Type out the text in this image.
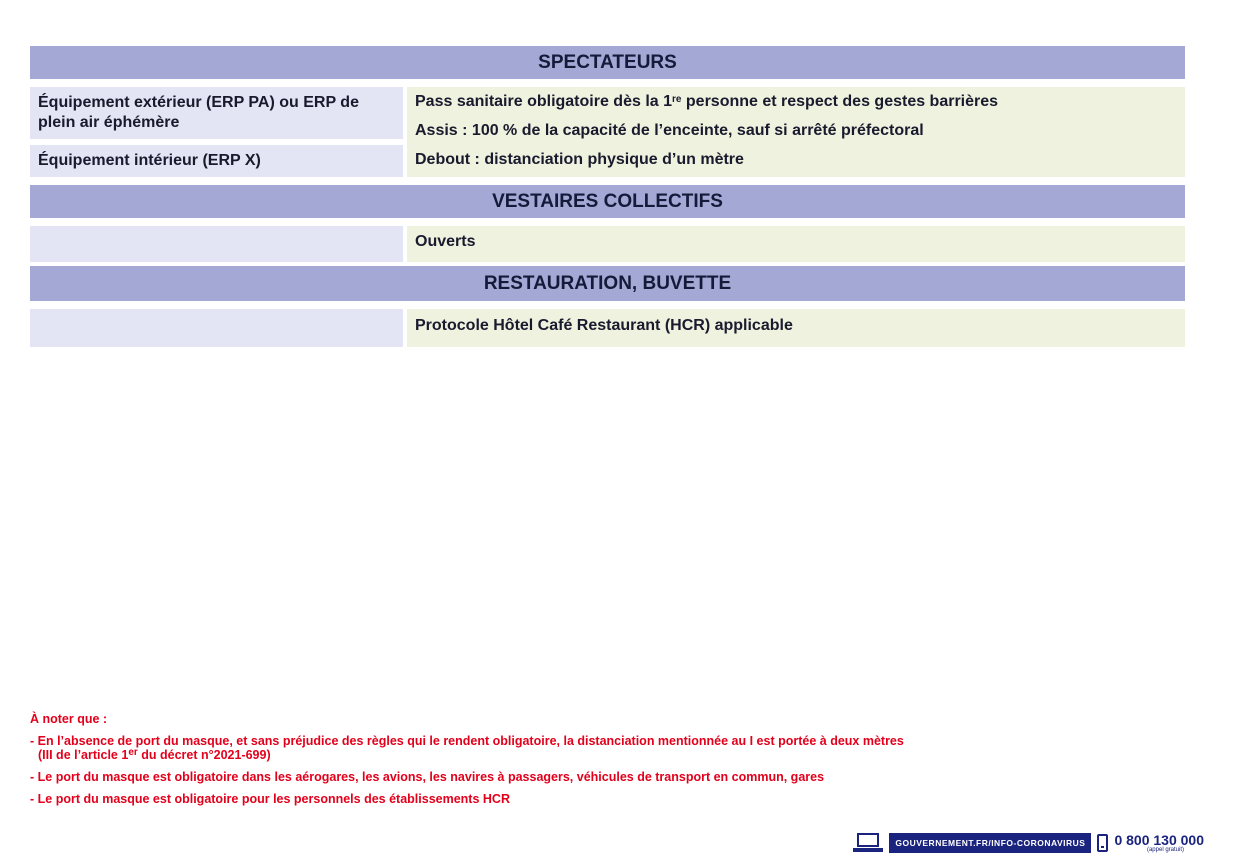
SPECTATEURS
Équipement extérieur (ERP PA) ou ERP de plein air éphémère
Équipement intérieur (ERP X)
Pass sanitaire obligatoire dès la 1re personne et respect des gestes barrières
Assis : 100 % de la capacité de l’enceinte, sauf si arrêté préfectoral
Debout : distanciation physique d’un mètre
VESTAIRES COLLECTIFS
Ouverts
RESTAURATION, BUVETTE
Protocole Hôtel Café Restaurant (HCR) applicable
À noter que :
- En l’absence de port du masque, et sans préjudice des règles qui le rendent obligatoire, la distanciation mentionnée au I est portée à deux mètres
(III de l’article 1er du décret n°2021-699)
- Le port du masque est obligatoire dans les aérogares, les avions, les navires à passagers, véhicules de transport en commun, gares
- Le port du masque est obligatoire pour les personnels des établissements HCR
GOUVERNEMENT.FR/INFO-CORONAVIRUS	0 800 130 000
(appel gratuit)
